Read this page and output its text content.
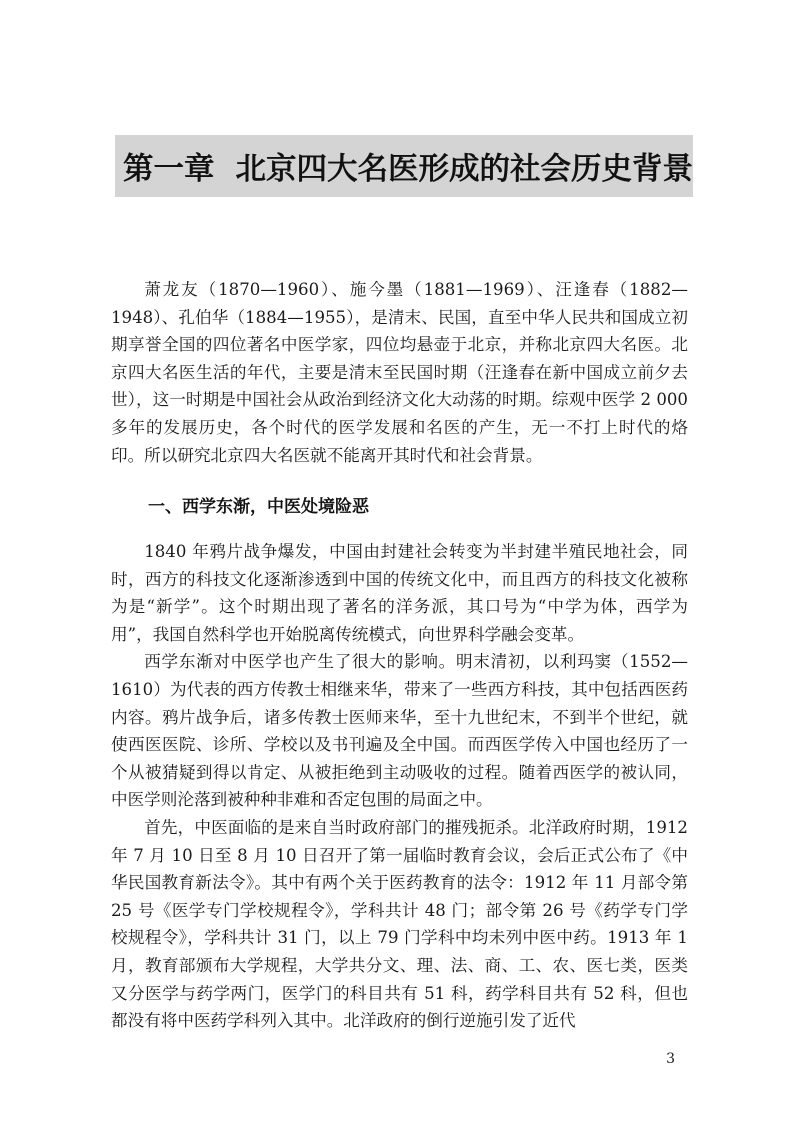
第一章 北京四大名医形成的社会历史背景

萧龙友（1870—1960）、施今墨（1881—1969）、汪逢春（1882—1948）、孔伯华（1884—1955），是清末、民国，直至中华人民共和国成立初期享誉全国的四位著名中医学家，四位均悬壶于北京，并称北京四大名医。北京四大名医生活的年代，主要是清末至民国时期（汪逢春在新中国成立前夕去世），这一时期是中国社会从政治到经济文化大动荡的时期。综观中医学 2 000 多年的发展历史，各个时代的医学发展和名医的产生，无一不打上时代的烙印。所以研究北京四大名医就不能离开其时代和社会背景。

一、西学东渐，中医处境险恶

1840 年鸦片战争爆发，中国由封建社会转变为半封建半殖民地社会，同时，西方的科技文化逐渐渗透到中国的传统文化中，而且西方的科技文化被称为是“新学”。这个时期出现了著名的洋务派，其口号为“中学为体，西学为用”，我国自然科学也开始脱离传统模式，向世界科学融会变革。

西学东渐对中医学也产生了很大的影响。明末清初，以利玛窦（1552—1610）为代表的西方传教士相继来华，带来了一些西方科技，其中包括西医药内容。鸦片战争后，诸多传教士医师来华，至十九世纪末，不到半个世纪，就使西医医院、诊所、学校以及书刊遍及全中国。而西医学传入中国也经历了一个从被猜疑到得以肯定、从被拒绝到主动吸收的过程。随着西医学的被认同，中医学则沦落到被种种非难和否定包围的局面之中。

首先，中医面临的是来自当时政府部门的摧残扼杀。北洋政府时期，1912 年 7 月 10 日至 8 月 10 日召开了第一届临时教育会议，会后正式公布了《中华民国教育新法令》。其中有两个关于医药教育的法令：1912 年 11 月部令第 25 号《医学专门学校规程令》，学科共计 48 门；部令第 26 号《药学专门学校规程令》，学科共计 31 门，以上 79 门学科中均未列中医中药。1913 年 1 月，教育部颁布大学规程，大学共分文、理、法、商、工、农、医七类，医类又分医学与药学两门，医学门的科目共有 51 科，药学科目共有 52 科，但也都没有将中医药学科列入其中。北洋政府的倒行逆施引发了近代

3
